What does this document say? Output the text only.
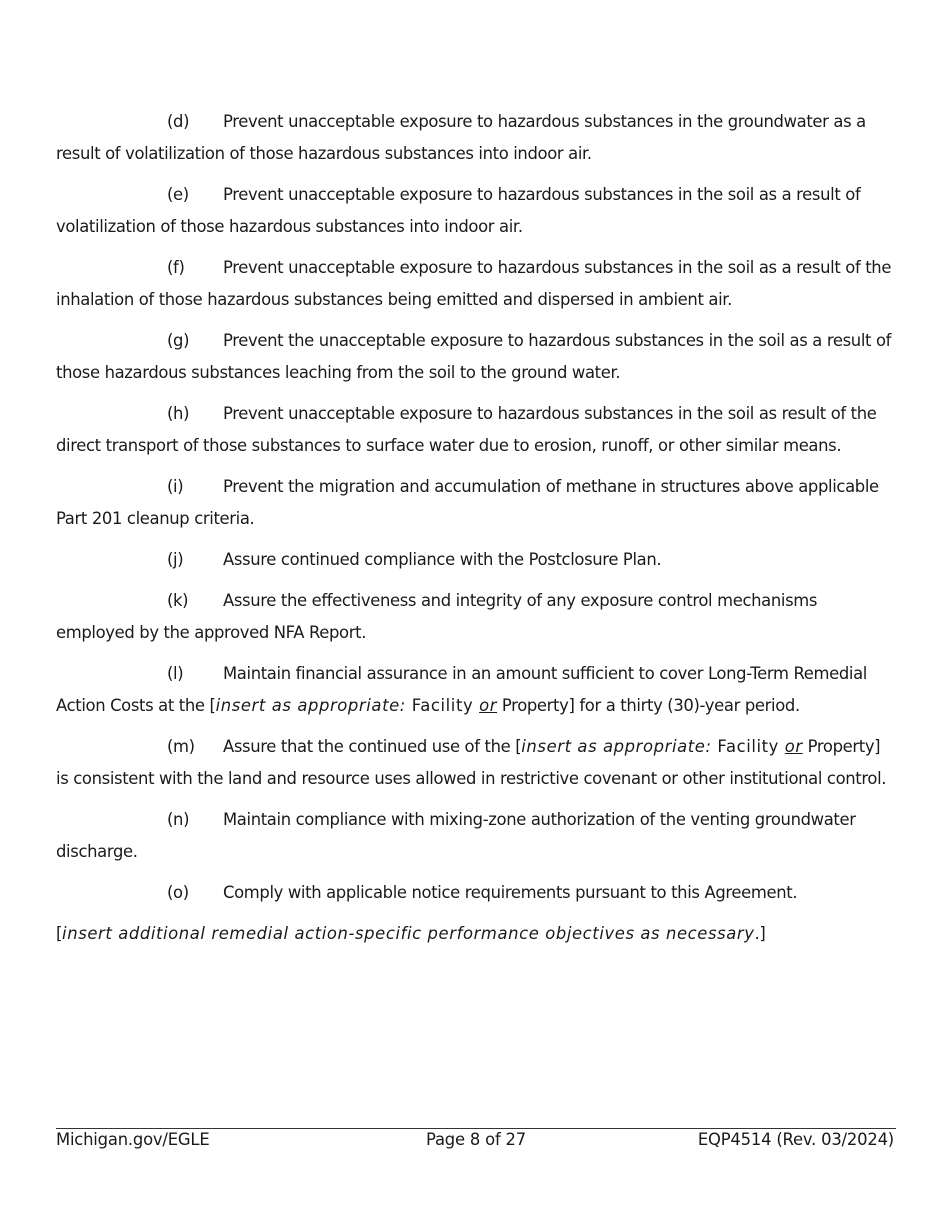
(d) Prevent unacceptable exposure to hazardous substances in the groundwater as a result of volatilization of those hazardous substances into indoor air.

(e) Prevent unacceptable exposure to hazardous substances in the soil as a result of volatilization of those hazardous substances into indoor air.

(f) Prevent unacceptable exposure to hazardous substances in the soil as a result of the inhalation of those hazardous substances being emitted and dispersed in ambient air.

(g) Prevent the unacceptable exposure to hazardous substances in the soil as a result of those hazardous substances leaching from the soil to the ground water.

(h) Prevent unacceptable exposure to hazardous substances in the soil as result of the direct transport of those substances to surface water due to erosion, runoff, or other similar means.

(i) Prevent the migration and accumulation of methane in structures above applicable Part 201 cleanup criteria.

(j) Assure continued compliance with the Postclosure Plan.

(k) Assure the effectiveness and integrity of any exposure control mechanisms employed by the approved NFA Report.

(l) Maintain financial assurance in an amount sufficient to cover Long-Term Remedial Action Costs at the [insert as appropriate: Facility or Property] for a thirty (30)-year period.

(m) Assure that the continued use of the [insert as appropriate: Facility or Property] is consistent with the land and resource uses allowed in restrictive covenant or other institutional control.

(n) Maintain compliance with mixing-zone authorization of the venting groundwater discharge.

(o) Comply with applicable notice requirements pursuant to this Agreement.

[insert additional remedial action-specific performance objectives as necessary.]

Michigan.gov/EGLE	Page 8 of 27	EQP4514 (Rev. 03/2024)
